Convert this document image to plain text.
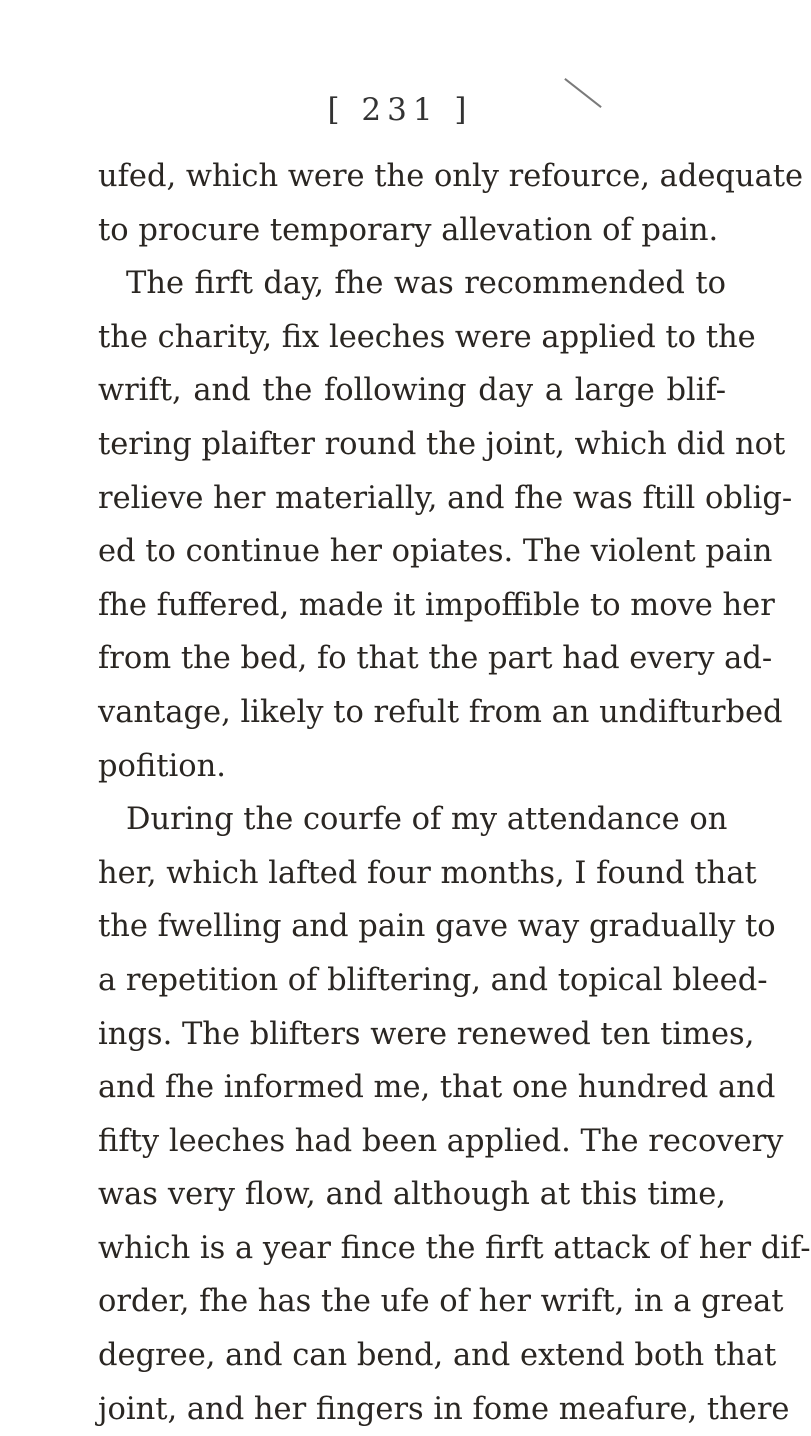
[ 231 ]
ufed, which were the only refource, adequate
to procure temporary allevation of pain.
The firft day, fhe was recommended to
the charity, fix leeches were applied to the
wrift, and the following day a large blif-
tering plaifter round the joint, which did not
relieve her materially, and fhe was ftill oblig-
ed to continue her opiates. The violent pain
fhe fuffered, made it impoffible to move her
from the bed, fo that the part had every ad-
vantage, likely to refult from an undifturbed
pofition.
During the courfe of my attendance on
her, which lafted four months, I found that
the fwelling and pain gave way gradually to
a repetition of bliftering, and topical bleed-
ings. The blifters were renewed ten times,
and fhe informed me, that one hundred and
fifty leeches had been applied. The recovery
was very flow, and although at this time,
which is a year fince the firft attack of her dif-
order, fhe has the ufe of her wrift, in a great
degree, and can bend, and extend both that
joint, and her fingers in fome meafure, there
